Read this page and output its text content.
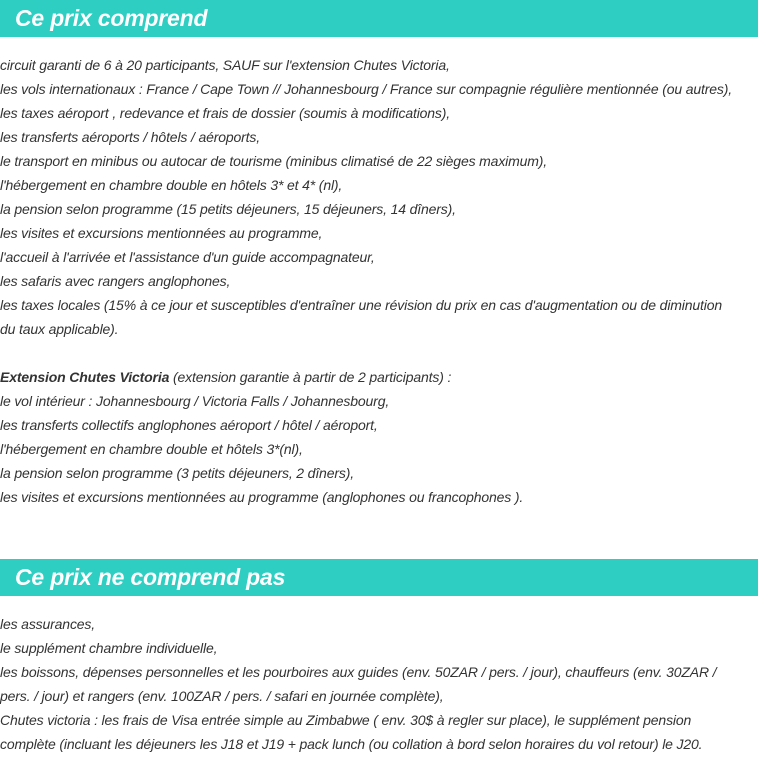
Ce prix comprend

circuit garanti de 6 à 20 participants, SAUF sur l'extension Chutes Victoria,

les vols internationaux : France / Cape Town // Johannesbourg / France sur compagnie régulière mentionnée (ou autres),

les taxes aéroport , redevance et frais de dossier (soumis à modifications),

les transferts aéroports / hôtels / aéroports,

le transport en minibus ou autocar de tourisme (minibus climatisé de 22 sièges maximum),

l'hébergement en chambre double en hôtels 3* et 4* (nl),

la pension selon programme (15 petits déjeuners, 15 déjeuners, 14 dîners),

les visites et excursions mentionnées au programme,

l'accueil à l'arrivée et l'assistance d'un guide accompagnateur,

les safaris avec rangers anglophones,

les taxes locales (15% à ce jour et susceptibles d'entraîner une révision du prix en cas d'augmentation ou de diminution

du taux applicable).

Extension Chutes Victoria (extension garantie à partir de 2 participants) :

le vol intérieur : Johannesbourg / Victoria Falls / Johannesbourg,

les transferts collectifs anglophones aéroport / hôtel / aéroport,

l'hébergement en chambre double et hôtels 3*(nl),

la pension selon programme (3 petits déjeuners, 2 dîners),

les visites et excursions mentionnées au programme (anglophones ou francophones ).

Ce prix ne comprend pas

les assurances,

le supplément chambre individuelle,

les boissons, dépenses personnelles et les pourboires aux guides (env. 50ZAR / pers. / jour), chauffeurs (env. 30ZAR /

pers. / jour) et rangers (env. 100ZAR / pers. / safari en journée complète),

Chutes victoria : les frais de Visa entrée simple au Zimbabwe ( env. 30$ à regler sur place), le supplément pension

complète (incluant les déjeuners les J18 et J19 + pack lunch (ou collation à bord selon horaires du vol retour) le J20.
